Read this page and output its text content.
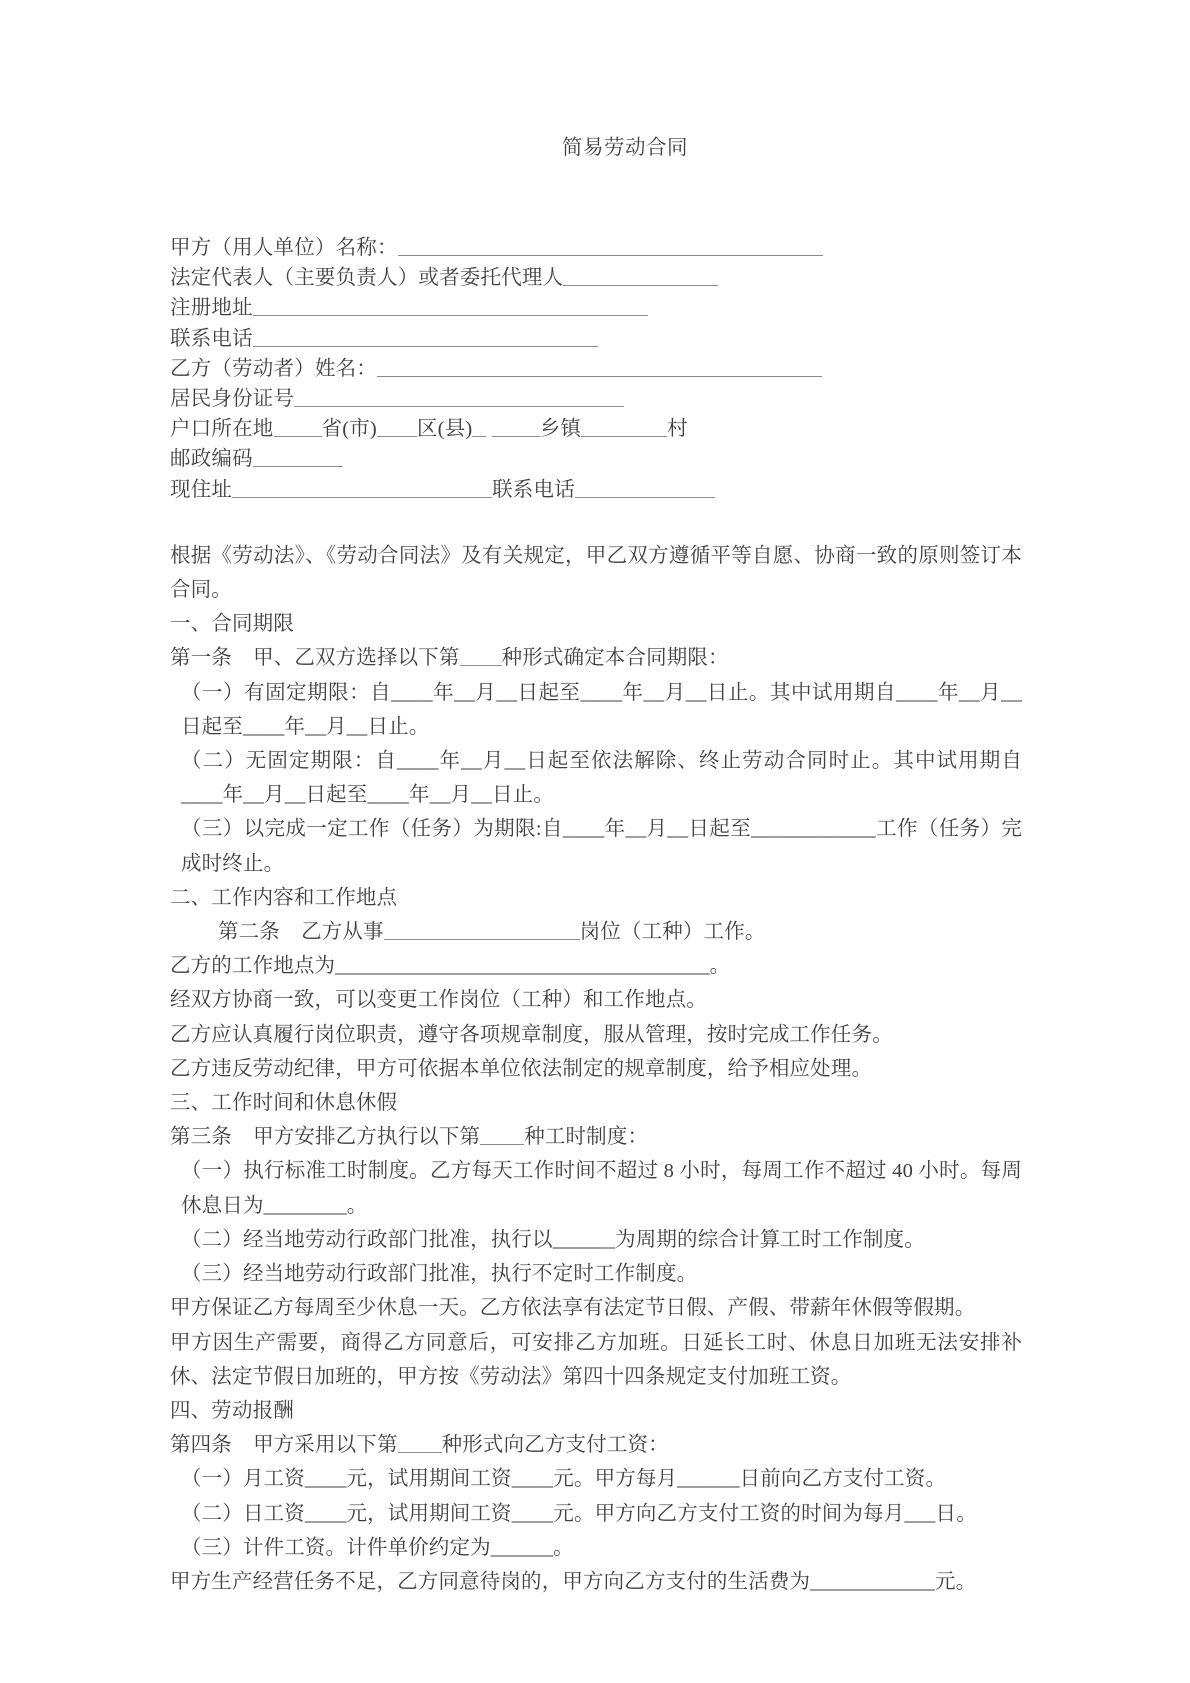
简易劳动合同
甲方（用人单位）名称：
法定代表人（主要负责人）或者委托代理人
注册地址
联系电话
乙方（劳动者）姓名：
居民身份证号
户口所在地 省(市) 区(县)	乡镇	村
邮政编码
现住址	联系电话

根据《劳动法》、《劳动合同法》及有关规定，甲乙双方遵循平等自愿、协商一致的原则签订本合同。

一、合同期限

第一条 甲、乙双方选择以下第 种形式确定本合同期限：

（一）有固定期限：自____年__月__日起至____年__月__日止。其中试用期自____年__月__日起至____年__月__日止。

（二）无固定期限：自____年__月__日起至依法解除、终止劳动合同时止。其中试用期自____年__月__日起至____年__月__日止。

（三）以完成一定工作（任务）为期限:自____年__月__日起至____________工作（任务）完成时终止。

二、工作内容和工作地点

第二条 乙方从事	岗位（工种）工作。

乙方的工作地点为____________________________________。

经双方协商一致，可以变更工作岗位（工种）和工作地点。

乙方应认真履行岗位职责，遵守各项规章制度，服从管理，按时完成工作任务。

乙方违反劳动纪律，甲方可依据本单位依法制定的规章制度，给予相应处理。

三、工作时间和休息休假

第三条 甲方安排乙方执行以下第 种工时制度：

（一）执行标准工时制度。乙方每天工作时间不超过 8 小时，每周工作不超过 40 小时。每周休息日为________。

（二）经当地劳动行政部门批准，执行以______为周期的综合计算工时工作制度。

（三）经当地劳动行政部门批准，执行不定时工作制度。

甲方保证乙方每周至少休息一天。乙方依法享有法定节日假、产假、带薪年休假等假期。

甲方因生产需要，商得乙方同意后，可安排乙方加班。日延长工时、休息日加班无法安排补休、法定节假日加班的，甲方按《劳动法》第四十四条规定支付加班工资。

四、劳动报酬

第四条 甲方采用以下第 种形式向乙方支付工资：

（一）月工资____元，试用期间工资____元。甲方每月______日前向乙方支付工资。

（二）日工资____元，试用期间工资____元。甲方向乙方支付工资的时间为每月___日。

（三）计件工资。计件单价约定为______。

甲方生产经营任务不足，乙方同意待岗的，甲方向乙方支付的生活费为____________元。
